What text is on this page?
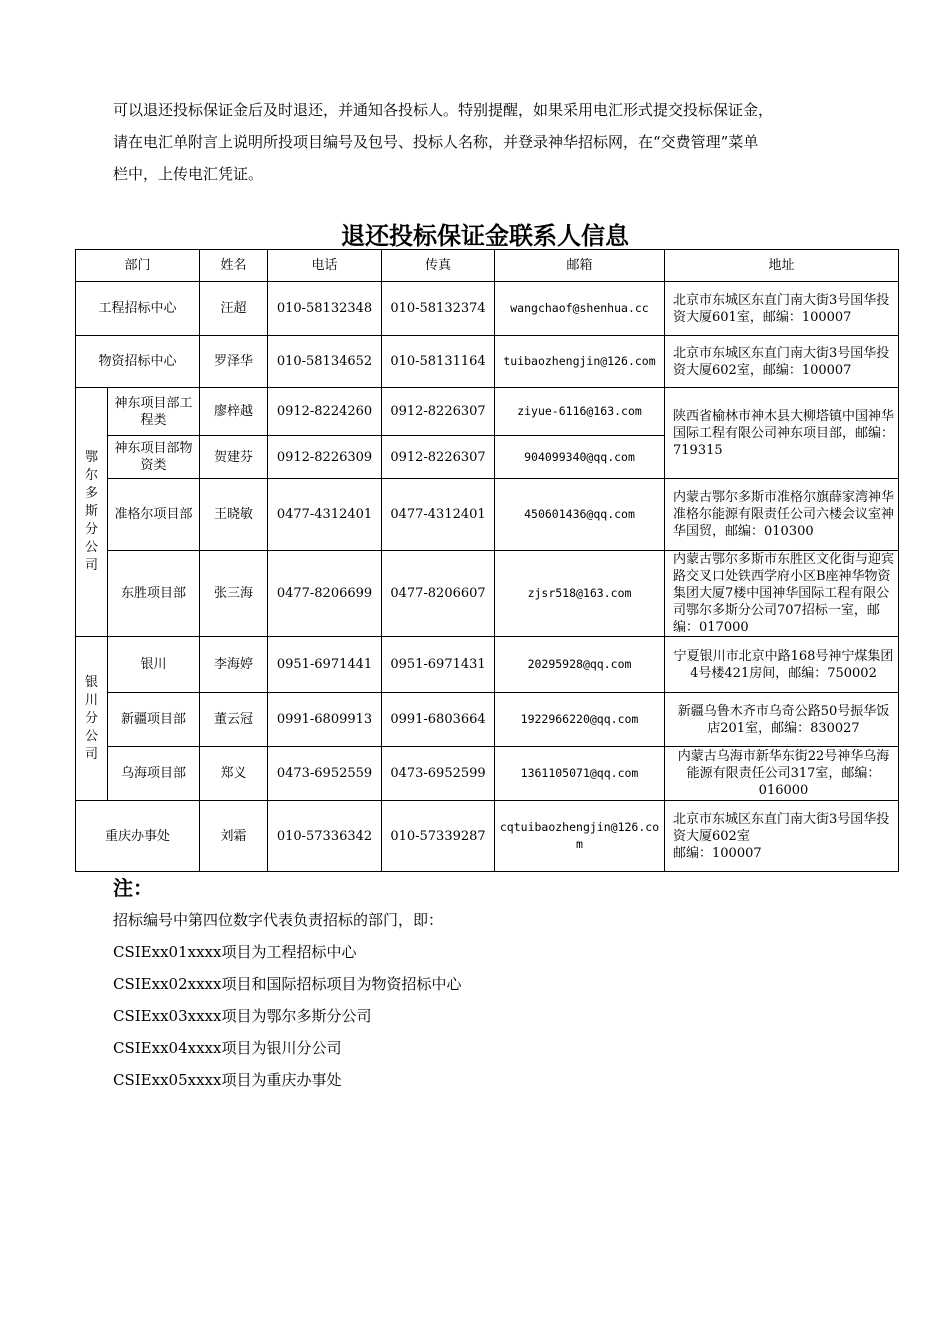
可以退还投标保证金后及时退还，并通知各投标人。特别提醒，如果采用电汇形式提交投标保证金，
请在电汇单附言上说明所投项目编号及包号、投标人名称，并登录神华招标网，在“交费管理”菜单
栏中，上传电汇凭证。
退还投标保证金联系人信息
部门		姓名	电话	传真	邮箱	地址
工程招标中心		汪超	010-58132348	010-58132374	wangchaof@shenhua.cc	北京市东城区东直门南大街3号国华投资大厦601室，邮编：100007
物资招标中心		罗泽华	010-58134652	010-58131164	tuibaozhengjin@126.com	北京市东城区东直门南大街3号国华投资大厦602室，邮编：100007

鄂尔多斯分公司	神东项目部工程类	廖梓越	0912-8224260	0912-8226307	ziyue-6116@163.com	陕西省榆林市神木县大柳塔镇中国神华国际工程有限公司神东项目部，邮编：719315
	神东项目部物资类	贺建芬	0912-8226309	0912-8226307	904099340@qq.com	
	准格尔项目部	王晓敏	0477-4312401	0477-4312401	450601436@qq.com	内蒙古鄂尔多斯市准格尔旗薛家湾神华准格尔能源有限责任公司六楼会议室神华国贸，邮编：010300
	东胜项目部	张三海	0477-8206699	0477-8206607	zjsr518@163.com	内蒙古鄂尔多斯市东胜区文化街与迎宾路交叉口处铁西学府小区B座神华物资集团大厦7楼中国神华国际工程有限公司鄂尔多斯分公司707招标一室，邮编：017000

银川分公司	银川	李海婷	0951-6971441	0951-6971431	20295928@qq.com	宁夏银川市北京中路168号神宁煤集团4号楼421房间，邮编：750002
	新疆项目部	董云冠	0991-6809913	0991-6803664	1922966220@qq.com	新疆乌鲁木齐市乌奇公路50号振华饭店201室，邮编：830027
	乌海项目部	郑义	0473-6952559	0473-6952599	1361105071@qq.com	内蒙古乌海市新华东街22号神华乌海能源有限责任公司317室，邮编：016000
重庆办事处		刘霜	010-57336342	010-57339287	cqtuibaozhengjin@126.com	北京市东城区东直门南大街3号国华投资大厦602室
邮编：100007
注：
招标编号中第四位数字代表负责招标的部门，即：
CSIExx01xxxx项目为工程招标中心
CSIExx02xxxx项目和国际招标项目为物资招标中心
CSIExx03xxxx项目为鄂尔多斯分公司
CSIExx04xxxx项目为银川分公司
CSIExx05xxxx项目为重庆办事处
